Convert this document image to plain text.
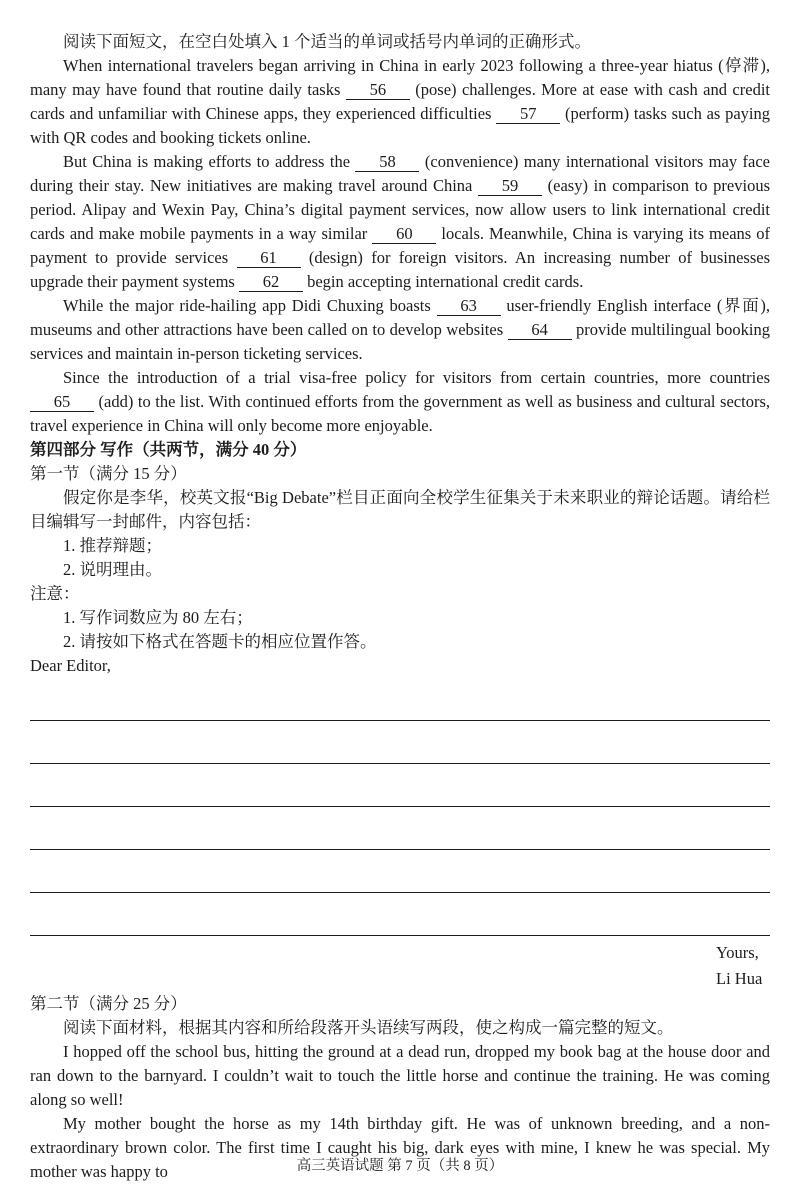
阅读下面短文，在空白处填入 1 个适当的单词或括号内单词的正确形式。

When international travelers began arriving in China in early 2023 following a three-year hiatus (停滞), many may have found that routine daily tasks 56 (pose) challenges. More at ease with cash and credit cards and unfamiliar with Chinese apps, they experienced difficulties 57 (perform) tasks such as paying with QR codes and booking tickets online.

But China is making efforts to address the 58 (convenience) many international visitors may face during their stay. New initiatives are making travel around China 59 (easy) in comparison to previous period. Alipay and Wexin Pay, China’s digital payment services, now allow users to link international credit cards and make mobile payments in a way similar 60 locals. Meanwhile, China is varying its means of payment to provide services 61 (design) for foreign visitors. An increasing number of businesses upgrade their payment systems 62 begin accepting international credit cards.

While the major ride-hailing app Didi Chuxing boasts 63 user-friendly English interface (界面), museums and other attractions have been called on to develop websites 64 provide multilingual booking services and maintain in-person ticketing services.

Since the introduction of a trial visa-free policy for visitors from certain countries, more countries 65 (add) to the list. With continued efforts from the government as well as business and cultural sectors, travel experience in China will only become more enjoyable.

第四部分 写作（共两节，满分 40 分）

第一节（满分 15 分）

假定你是李华，校英文报“Big Debate”栏目正面向全校学生征集关于未来职业的辩论话题。请给栏目编辑写一封邮件，内容包括：

1. 推荐辩题；

2. 说明理由。

注意：

1. 写作词数应为 80 左右；

2. 请按如下格式在答题卡的相应位置作答。

Dear Editor,

Yours,

Li Hua

第二节（满分 25 分）

阅读下面材料，根据其内容和所给段落开头语续写两段，使之构成一篇完整的短文。

I hopped off the school bus, hitting the ground at a dead run, dropped my book bag at the house door and ran down to the barnyard. I couldn’t wait to touch the little horse and continue the training. He was coming along so well!

My mother bought the horse as my 14th birthday gift. He was of unknown breeding, and a non-extraordinary brown color. The first time I caught his big, dark eyes with mine, I knew he was special. My mother was happy to	高三英语试题 第 7 页（共 8 页）
